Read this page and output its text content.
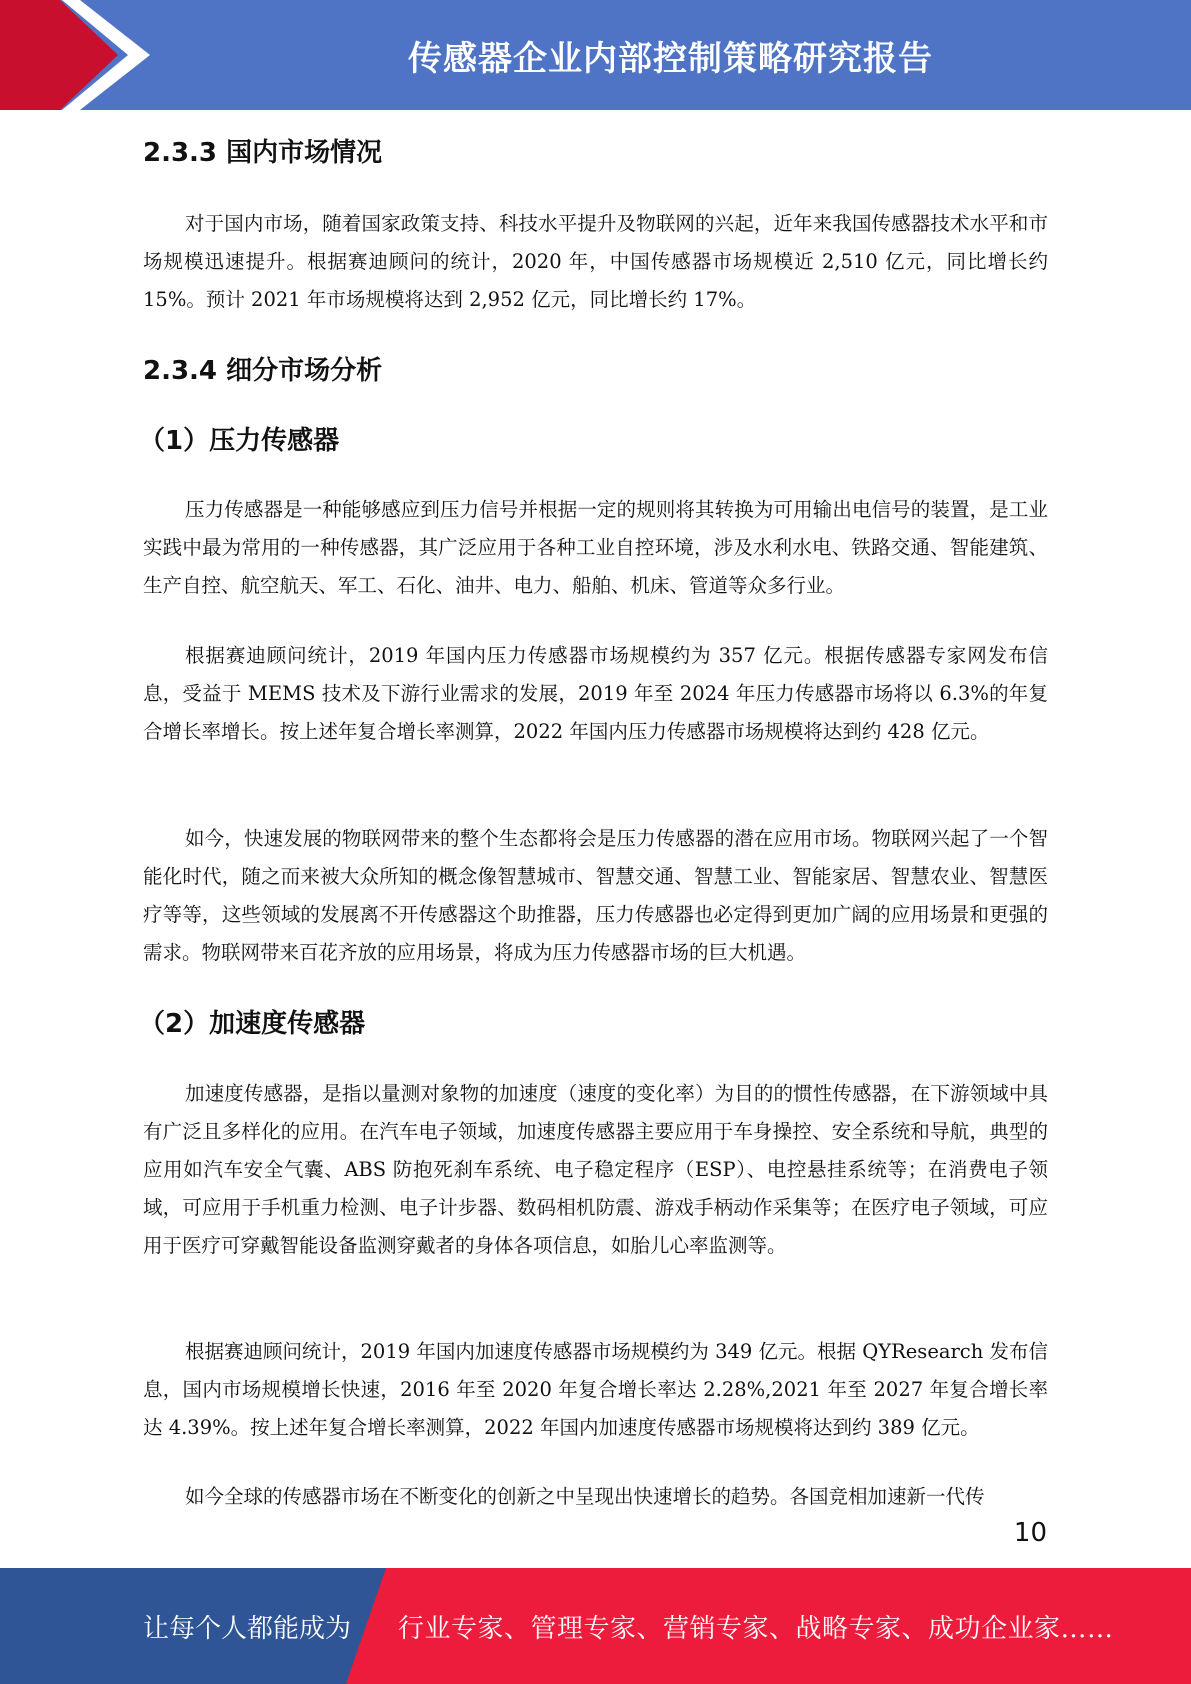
传感器企业内部控制策略研究报告
2.3.3 国内市场情况

对于国内市场，随着国家政策支持、科技水平提升及物联网的兴起，近年来我国传感器技术水平和市场规模迅速提升。根据赛迪顾问的统计，2020 年，中国传感器市场规模近 2,510 亿元，同比增长约 15%。预计 2021 年市场规模将达到 2,952 亿元，同比增长约 17%。

2.3.4 细分市场分析
（1）压力传感器

压力传感器是一种能够感应到压力信号并根据一定的规则将其转换为可用输出电信号的装置，是工业实践中最为常用的一种传感器，其广泛应用于各种工业自控环境，涉及水利水电、铁路交通、智能建筑、生产自控、航空航天、军工、石化、油井、电力、船舶、机床、管道等众多行业。

根据赛迪顾问统计，2019 年国内压力传感器市场规模约为 357 亿元。根据传感器专家网发布信息，受益于 MEMS 技术及下游行业需求的发展，2019 年至 2024 年压力传感器市场将以 6.3%的年复合增长率增长。按上述年复合增长率测算，2022 年国内压力传感器市场规模将达到约 428 亿元。

如今，快速发展的物联网带来的整个生态都将会是压力传感器的潜在应用市场。物联网兴起了一个智能化时代，随之而来被大众所知的概念像智慧城市、智慧交通、智慧工业、智能家居、智慧农业、智慧医疗等等，这些领域的发展离不开传感器这个助推器，压力传感器也必定得到更加广阔的应用场景和更强的需求。物联网带来百花齐放的应用场景，将成为压力传感器市场的巨大机遇。

（2）加速度传感器

加速度传感器，是指以量测对象物的加速度（速度的变化率）为目的的惯性传感器，在下游领域中具有广泛且多样化的应用。在汽车电子领域，加速度传感器主要应用于车身操控、安全系统和导航，典型的应用如汽车安全气囊、ABS 防抱死刹车系统、电子稳定程序（ESP）、电控悬挂系统等；在消费电子领域，可应用于手机重力检测、电子计步器、数码相机防震、游戏手柄动作采集等；在医疗电子领域，可应用于医疗可穿戴智能设备监测穿戴者的身体各项信息，如胎儿心率监测等。

根据赛迪顾问统计，2019 年国内加速度传感器市场规模约为 349 亿元。根据 QYResearch 发布信息，国内市场规模增长快速，2016 年至 2020 年复合增长率达 2.28%,2021 年至 2027 年复合增长率达 4.39%。按上述年复合增长率测算，2022 年国内加速度传感器市场规模将达到约 389 亿元。

如今全球的传感器市场在不断变化的创新之中呈现出快速增长的趋势。各国竞相加速新一代传

10
让每个人都能成为 行业专家、管理专家、营销专家、战略专家、成功企业家……
